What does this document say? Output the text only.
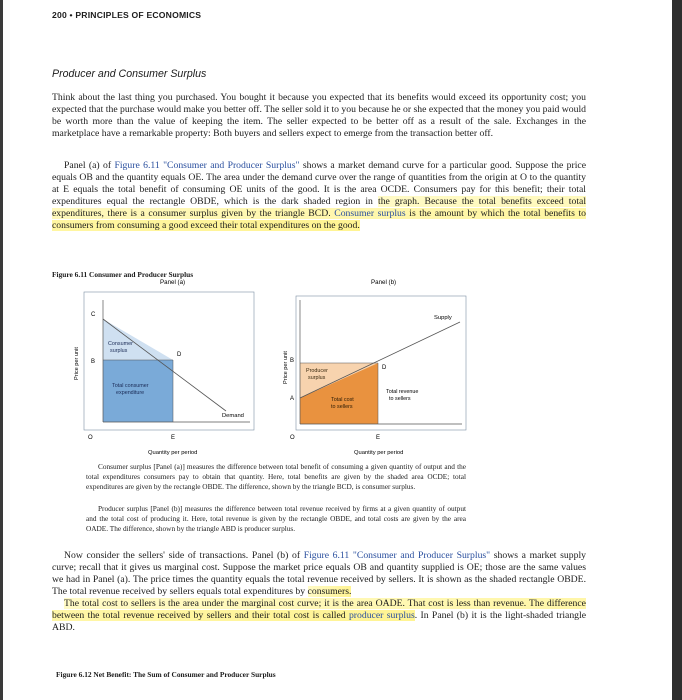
200 • PRINCIPLES OF ECONOMICS
Producer and Consumer Surplus

Think about the last thing you purchased. You bought it because you expected that its benefits would exceed its opportunity cost; you expected that the purchase would make you better off. The seller sold it to you because he or she expected that the money you paid would be worth more than the value of keeping the item. The seller expected to be better off as a result of the sale. Exchanges in the marketplace have a remarkable property: Both buyers and sellers expect to emerge from the transaction better off.

Panel (a) of Figure 6.11 "Consumer and Producer Surplus" shows a market demand curve for a particular good. Suppose the price equals OB and the quantity equals OE. The area under the demand curve over the range of quantities from the origin at O to the quantity at E equals the total benefit of consuming OE units of the good. It is the area OCDE. Consumers pay for this benefit; their total expenditures equal the rectangle OBDE, which is the dark shaded region in the graph. Because the total benefits exceed total expenditures, there is a consumer surplus given by the triangle BCD. Consumer surplus is the amount by which the total benefits to consumers from consuming a good exceed their total expenditures on the good.

Figure 6.11 Consumer and Producer Surplus
Panel (a)	Panel (b)
C
B
D
O	E
Consumer
surplus
Total consumer
expenditure
Demand
Price per unit
Quantity per period
Supply
B
A
D
O	E
Producer
surplus
Total cost
to sellers
Total revenue
to sellers
Price per unit
Quantity per period

Consumer surplus [Panel (a)] measures the difference between total benefit of consuming a given quantity of output and the total expenditures consumers pay to obtain that quantity. Here, total benefits are given by the shaded area OCDE; total expenditures are given by the rectangle OBDE. The difference, shown by the triangle BCD, is consumer surplus.

Producer surplus [Panel (b)] measures the difference between total revenue received by firms at a given quantity of output and the total cost of producing it. Here, total revenue is given by the rectangle OBDE, and total costs are given by the area OADE. The difference, shown by the triangle ABD is producer surplus.

Now consider the sellers' side of transactions. Panel (b) of Figure 6.11 "Consumer and Producer Surplus" shows a market supply curve; recall that it gives us marginal cost. Suppose the market price equals OB and quantity supplied is OE; those are the same values we had in Panel (a). The price times the quantity equals the total revenue received by sellers. It is shown as the shaded rectangle OBDE. The total revenue received by sellers equals total expenditures by consumers.

The total cost to sellers is the area under the marginal cost curve; it is the area OADE. That cost is less than revenue. The difference between the total revenue received by sellers and their total cost is called producer surplus. In Panel (b) it is the light-shaded triangle ABD.

Figure 6.12 Net Benefit: The Sum of Consumer and Producer Surplus
